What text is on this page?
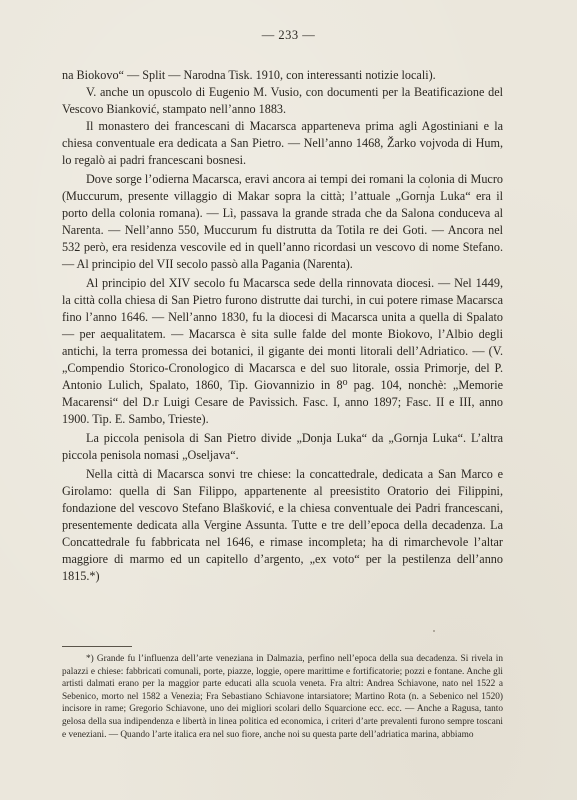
— 233 —

na Biokovo“ — Split — Narodna Tisk. 1910, con interessanti notizie locali).

V. anche un opuscolo di Eugenio M. Vusio, con documenti per la Beatificazione del Vescovo Bianković, stampato nell’anno 1883.

Il monastero dei francescani di Macarsca apparteneva prima agli Agostiniani e la chiesa conventuale era dedicata a San Pietro. — Nell’anno 1468, Žarko vojvoda di Hum, lo regalò ai padri francescani bosnesi.

Dove sorge l’odierna Macarsca, eravi ancora ai tempi dei romani la colonia di Mucro (Muccurum, presente villaggio di Makar sopra la città; l’attuale „Gornja Luka“ era il porto della colonia romana). — Lì, passava la grande strada che da Salona conduceva al Narenta. — Nell’anno 550, Muccurum fu distrutta da Totila re dei Goti. — Ancora nel 532 però, era residenza vescovile ed in quell’anno ricordasi un vescovo di nome Stefano. — Al principio del VII secolo passò alla Pagania (Narenta).

Al principio del XIV secolo fu Macarsca sede della rinnovata diocesi. — Nel 1449, la città colla chiesa di San Pietro furono distrutte dai turchi, in cui potere rimase Macarsca fino l’anno 1646. — Nell’anno 1830, fu la diocesi di Macarsca unita a quella di Spalato — per aequalitatem. — Macarsca è sita sulle falde del monte Biokovo, l’Albio degli antichi, la terra promessa dei botanici, il gigante dei monti litorali dell’Adriatico. — (V. „Compendio Storico-Cronologico di Macarsca e del suo litorale, ossia Primorje, del P. Antonio Lulich, Spalato, 1860, Tip. Giovannizio in 8⁰ pag. 104, nonchè: „Memorie Macarensi“ del D.r Luigi Cesare de Pavissich. Fasc. I, anno 1897; Fasc. II e III, anno 1900. Tip. E. Sambo, Trieste).

La piccola penisola di San Pietro divide „Donja Luka“ da „Gornja Luka“. L’altra piccola penisola nomasi „Oseljava“.

Nella città di Macarsca sonvi tre chiese: la concattedrale, dedicata a San Marco e Girolamo: quella di San Filippo, appartenente al preesistito Oratorio dei Filippini, fondazione del vescovo Stefano Blašković, e la chiesa conventuale dei Padri francescani, presentemente dedicata alla Vergine Assunta. Tutte e tre dell’epoca della decadenza. La Concattedrale fu fabbricata nel 1646, e rimase incompleta; ha di rimarchevole l’altar maggiore di marmo ed un capitello d’argento, „ex voto“ per la pestilenza dell’anno 1815.*)

*) Grande fu l’influenza dell’arte veneziana in Dalmazia, perfino nell’epoca della sua decadenza. Si rivela in palazzi e chiese: fabbricati comunali, porte, piazze, loggie, opere marittime e fortificatorie; pozzi e fontane. Anche gli artisti dalmati erano per la maggior parte educati alla scuola veneta. Fra altri: Andrea Schiavone, nato nel 1522 a Sebenico, morto nel 1582 a Venezia; Fra Sebastiano Schiavone intarsiatore; Martino Rota (n. a Sebenico nel 1520) incisore in rame; Gregorio Schiavone, uno dei migliori scolari dello Squarcione ecc. ecc. — Anche a Ragusa, tanto gelosa della sua indipendenza e libertà in linea politica ed economica, i criteri d’arte prevalenti furono sempre toscani e veneziani. — Quando l’arte italica era nel suo fiore, anche noi su questa parte dell’adriatica marina, abbiamo
